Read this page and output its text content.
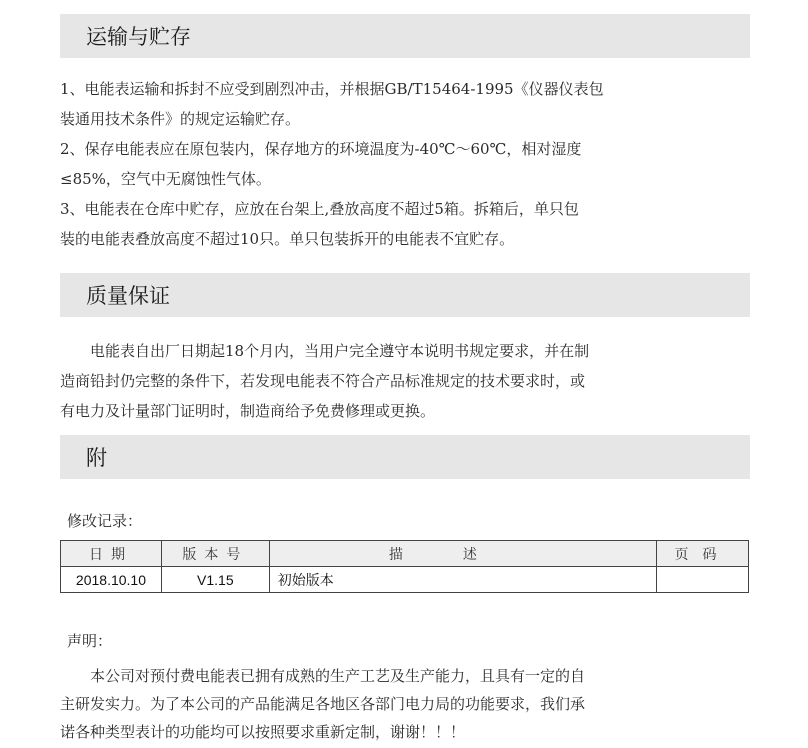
运输与贮存
1、电能表运输和拆封不应受到剧烈冲击，并根据GB/T15464-1995《仪器仪表包
装通用技术条件》的规定运输贮存。
2、保存电能表应在原包装内，保存地方的环境温度为-40℃～60℃，相对湿度
≤85%，空气中无腐蚀性气体。
3、电能表在仓库中贮存，应放在台架上,叠放高度不超过5箱。拆箱后，单只包
装的电能表叠放高度不超过10只。单只包装拆开的电能表不宜贮存。
质量保证
　　电能表自出厂日期起18个月内，当用户完全遵守本说明书规定要求，并在制
造商铅封仍完整的条件下，若发现电能表不符合产品标准规定的技术要求时，或
有电力及计量部门证明时，制造商给予免费修理或更换。
附
修改记录：
日期	版本号	描述	页码
2018.10.10	V1.15	初始版本	
声明：
　　本公司对预付费电能表已拥有成熟的生产工艺及生产能力，且具有一定的自
主研发实力。为了本公司的产品能满足各地区各部门电力局的功能要求，我们承
诺各种类型表计的功能均可以按照要求重新定制，谢谢！！！
